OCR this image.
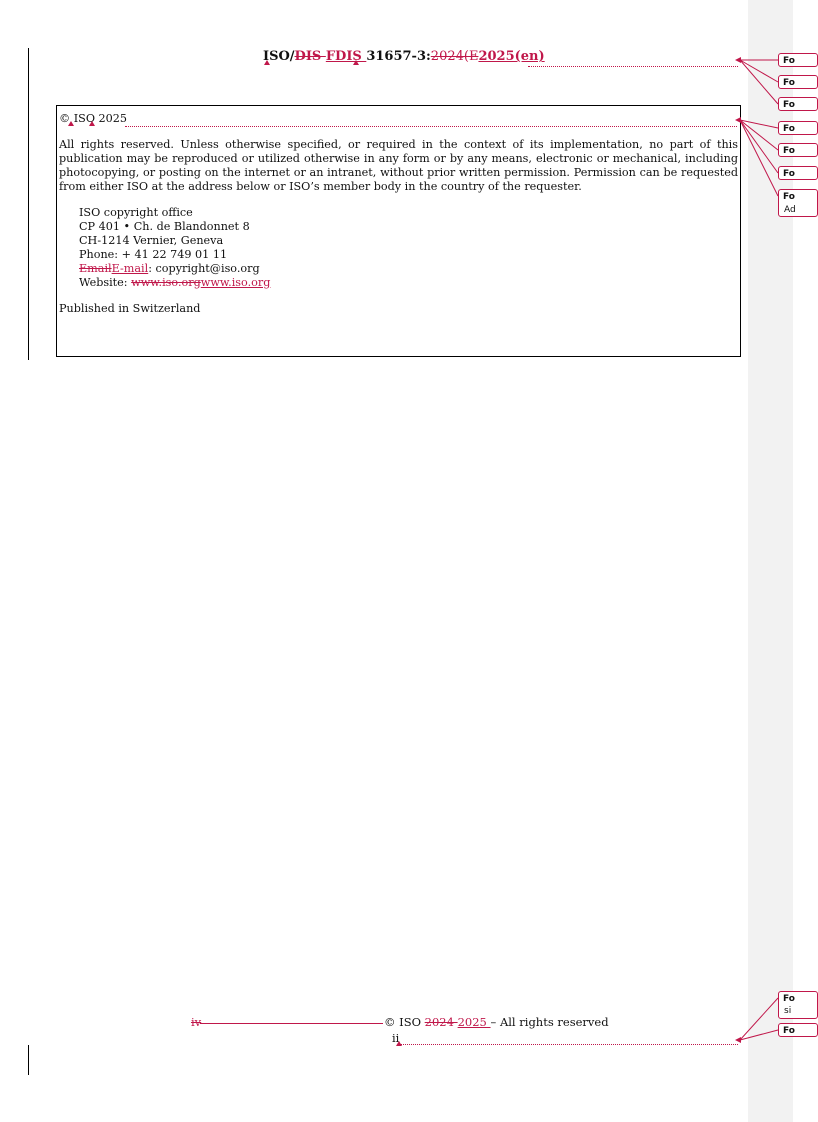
ISO/DIS FDIS 31657-3:2024(E2025(en)

© ISO 2025

All rights reserved. Unless otherwise specified, or required in the context of its implementation, no part of this publication may be reproduced or utilized otherwise in any form or by any means, electronic or mechanical, including photocopying, or posting on the internet or an intranet, without prior written permission. Permission can be requested from either ISO at the address below or ISO’s member body in the country of the requester.

ISO copyright office

CP 401 • Ch. de Blandonnet 8

CH-1214 Vernier, Geneva

Phone: + 41 22 749 01 11

EmailE-mail: copyright@iso.org

Website: www.iso.orgwww.iso.org

Published in Switzerland

iv	© ISO 2024 2025 – All rights reserved
ii
Fo
Fo
Fo
Fo
Fo
Fo
Fo
Ad
Fo
si
Fo
